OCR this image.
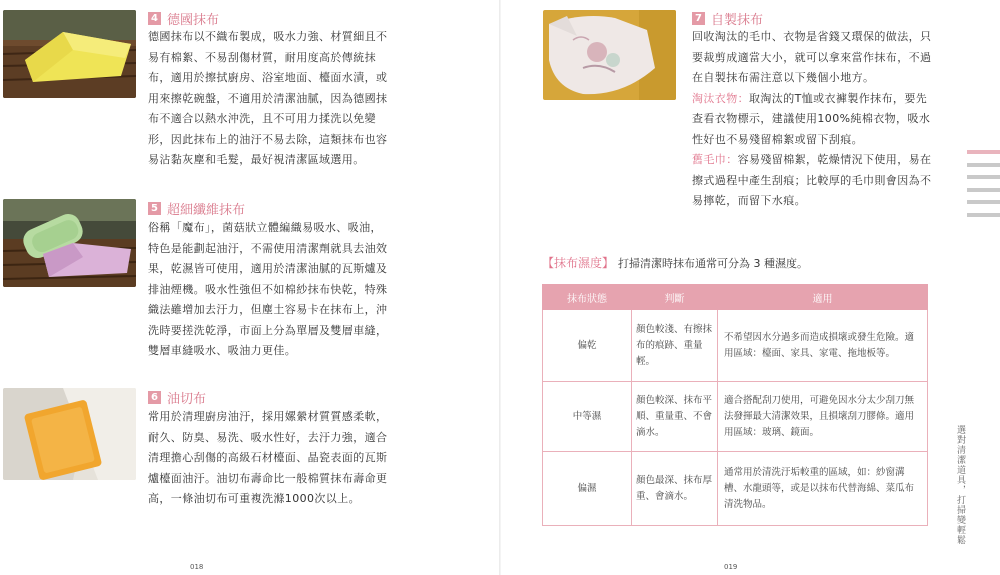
4 德國抹布

德國抹布以不織布製成，吸水力強、材質細且不易有棉絮、不易刮傷材質，耐用度高於傳統抹布，適用於擦拭廚房、浴室地面、檯面水漬，或用來擦乾碗盤，不適用於清潔油膩，因為德國抹布不適合以熱水沖洗，且不可用力揉洗以免變形，因此抹布上的油汙不易去除，這類抹布也容易沾黏灰塵和毛髮，最好視清潔區域選用。

5 超細纖維抹布

俗稱「魔布」，菌菇狀立體編織易吸水、吸油，特色是能劃起油汙，不需使用清潔劑就具去油效果，乾濕皆可使用，適用於清潔油膩的瓦斯爐及排油煙機。吸水性強但不如棉紗抹布快乾，特殊織法雖增加去汙力，但塵土容易卡在抹布上，沖洗時要搓洗乾淨，市面上分為單層及雙層車縫，雙層車縫吸水、吸油力更佳。

6 油切布

常用於清理廚房油汙，採用嫘縈材質質感柔軟，耐久、防臭、易洗、吸水性好，去汙力強，適合清理擔心刮傷的高級石材檯面、晶瓷表面的瓦斯爐檯面油汙。油切布壽命比一般棉質抹布壽命更高，一條油切布可重複洗滌1000次以上。

018
7 自製抹布

回收淘汰的毛巾、衣物是省錢又環保的做法，只要裁剪成適當大小，就可以拿來當作抹布，不過在自製抹布需注意以下幾個小地方。

淘汰衣物：取淘汰的T恤或衣褲製作抹布，要先查看衣物標示，建議使用100%純棉衣物，吸水性好也不易殘留棉絮或留下刮痕。

舊毛巾：容易殘留棉絮，乾燥情況下使用，易在擦式過程中產生刮痕；比較厚的毛巾則會因為不易擰乾，而留下水痕。

【抹布濕度】 打掃清潔時抹布通常可分為 3 種濕度。
抹布狀態	判斷	適用
偏乾	顏色較淺、有擦抹布的痕跡、重量輕。	不希望因水分過多而造成損壞或發生危險。適用區域：檯面、家具、家電、拖地板等。
中等濕	顏色較深、抹布平順、重量重、不會滴水。	適合搭配刮刀使用，可避免因水分太少刮刀無法發揮最大清潔效果，且損壞刮刀膠條。適用用區域：玻璃、鏡面。
偏濕	顏色最深、抹布厚重、會滴水。	通常用於清洗汙垢較重的區域，如：紗窗溝槽、水龍頭等，或是以抹布代替海綿、菜瓜布清洗物品。	選對清潔道具，打掃變輕鬆
019
